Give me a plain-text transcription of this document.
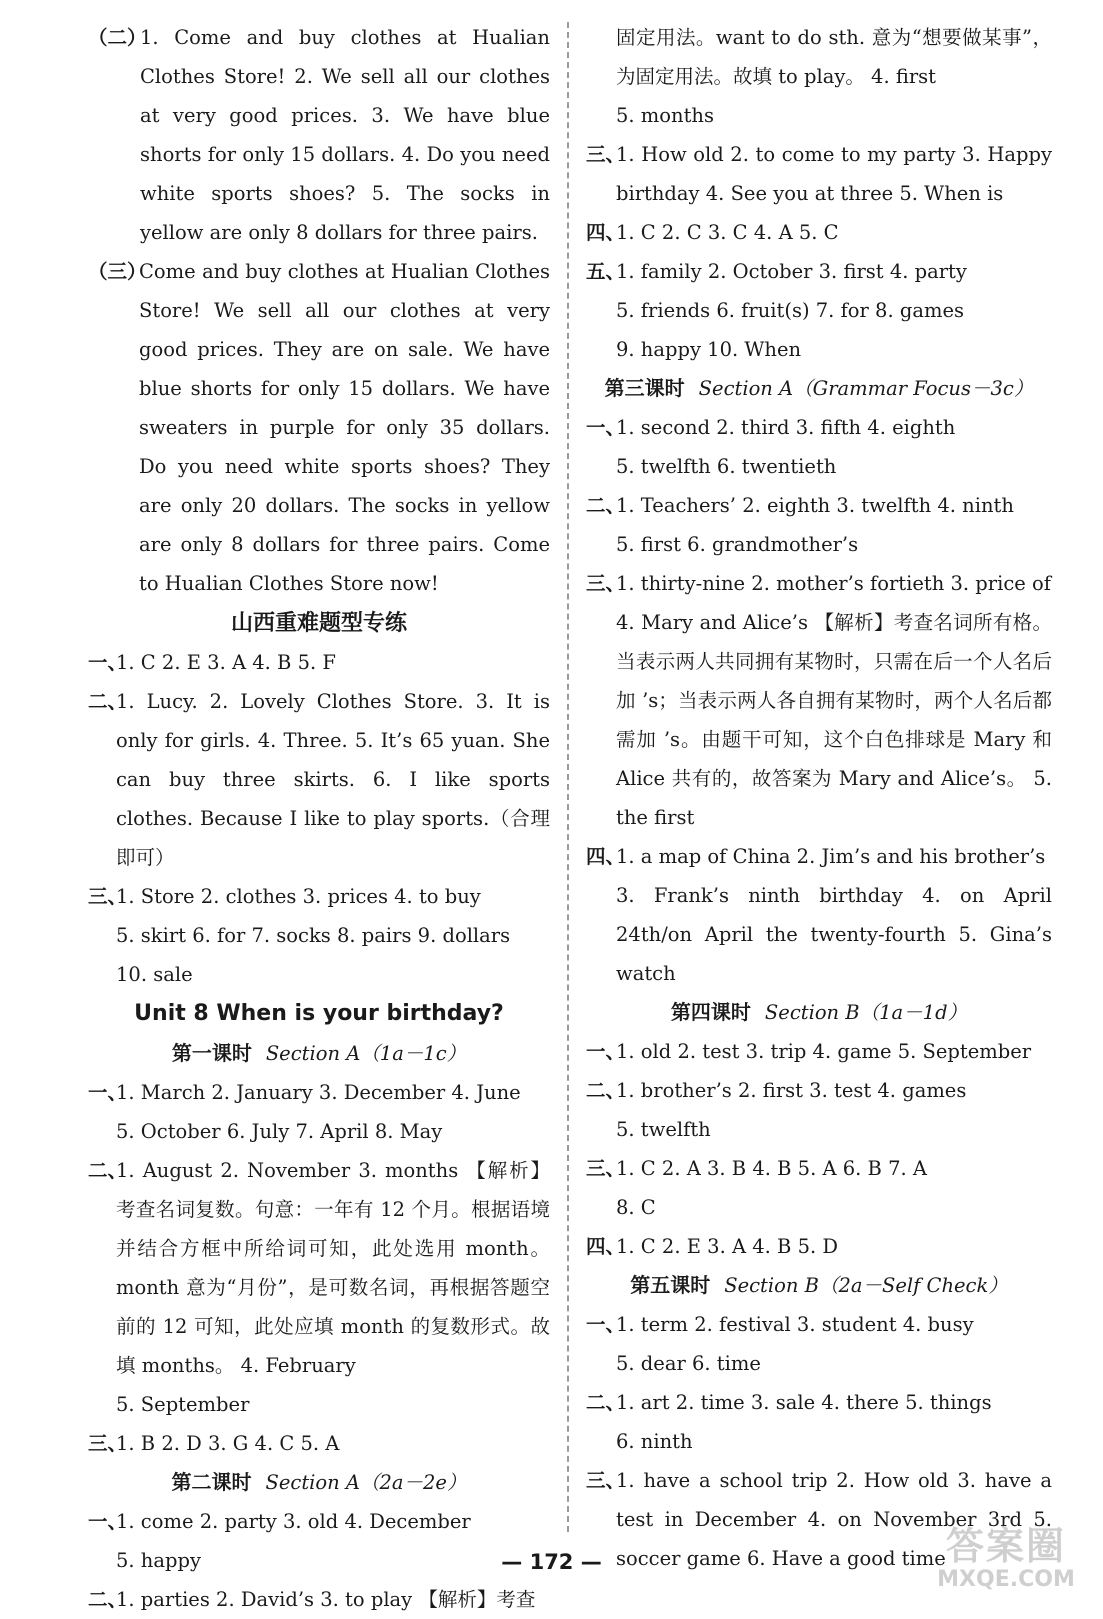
（二）
1. Come and buy clothes at Hualian Clothes Store! 2. We sell all our clothes at very good prices. 3. We have blue shorts for only 15 dollars. 4. Do you need white sports shoes? 5. The socks in yellow are only 8 dollars for three pairs.
（三）
Come and buy clothes at Hualian Clothes Store! We sell all our clothes at very good prices. They are on sale. We have blue shorts for only 15 dollars. We have sweaters in purple for only 35 dollars. Do you need white sports shoes? They are only 20 dollars. The socks in yellow are only 8 dollars for three pairs. Come to Hualian Clothes Store now!
山西重难题型专练
一、
1. C 2. E 3. A 4. B 5. F
二、
1. Lucy. 2. Lovely Clothes Store. 3. It is only for girls. 4. Three. 5. It’s 65 yuan. She can buy three skirts. 6. I like sports clothes. Because I like to play sports.（合理即可）
三、
1. Store 2. clothes 3. prices 4. to buy
5. skirt 6. for 7. socks 8. pairs 9. dollars
10. sale
Unit 8 When is your birthday?
第一课时 Section A（1a－1c）
一、
1. March 2. January 3. December 4. June
5. October 6. July 7. April 8. May
二、
1. August 2. November 3. months 【解析】考查名词复数。句意：一年有 12 个月。根据语境并结合方框中所给词可知，此处选用 month。month 意为“月份”，是可数名词，再根据答题空前的 12 可知，此处应填 month 的复数形式。故填 months。 4. February
5. September
三、
1. B 2. D 3. G 4. C 5. A
第二课时 Section A（2a－2e）
一、
1. come 2. party 3. old 4. December
5. happy
二、
1. parties 2. David’s 3. to play 【解析】考查
固定用法。want to do sth. 意为“想要做某事”，为固定用法。故填 to play。 4. first
5. months
三、
1. How old 2. to come to my party 3. Happy birthday 4. See you at three 5. When is
四、
1. C 2. C 3. C 4. A 5. C
五、
1. family 2. October 3. first 4. party
5. friends 6. fruit(s) 7. for 8. games
9. happy 10. When
第三课时 Section A（Grammar Focus－3c）
一、
1. second 2. third 3. fifth 4. eighth
5. twelfth 6. twentieth
二、
1. Teachers’ 2. eighth 3. twelfth 4. ninth
5. first 6. grandmother’s
三、
1. thirty-nine 2. mother’s fortieth 3. price of
4. Mary and Alice’s 【解析】考查名词所有格。当表示两人共同拥有某物时，只需在后一个人名后加 ’s；当表示两人各自拥有某物时，两个人名后都需加 ’s。由题干可知，这个白色排球是 Mary 和 Alice 共有的，故答案为 Mary and Alice’s。 5. the first
四、
1. a map of China 2. Jim’s and his brother’s
3. Frank’s ninth birthday 4. on April 24th/on April the twenty-fourth 5. Gina’s watch
第四课时 Section B（1a－1d）
一、
1. old 2. test 3. trip 4. game 5. September
二、
1. brother’s 2. first 3. test 4. games
5. twelfth
三、
1. C 2. A 3. B 4. B 5. A 6. B 7. A
8. C
四、
1. C 2. E 3. A 4. B 5. D
第五课时 Section B（2a－Self Check）
一、
1. term 2. festival 3. student 4. busy
5. dear 6. time
二、
1. art 2. time 3. sale 4. there 5. things
6. ninth
三、
1. have a school trip 2. How old 3. have a test in December 4. on November 3rd 5. soccer game 6. Have a good time
— 172 —	答案圈
MXQE.COM
